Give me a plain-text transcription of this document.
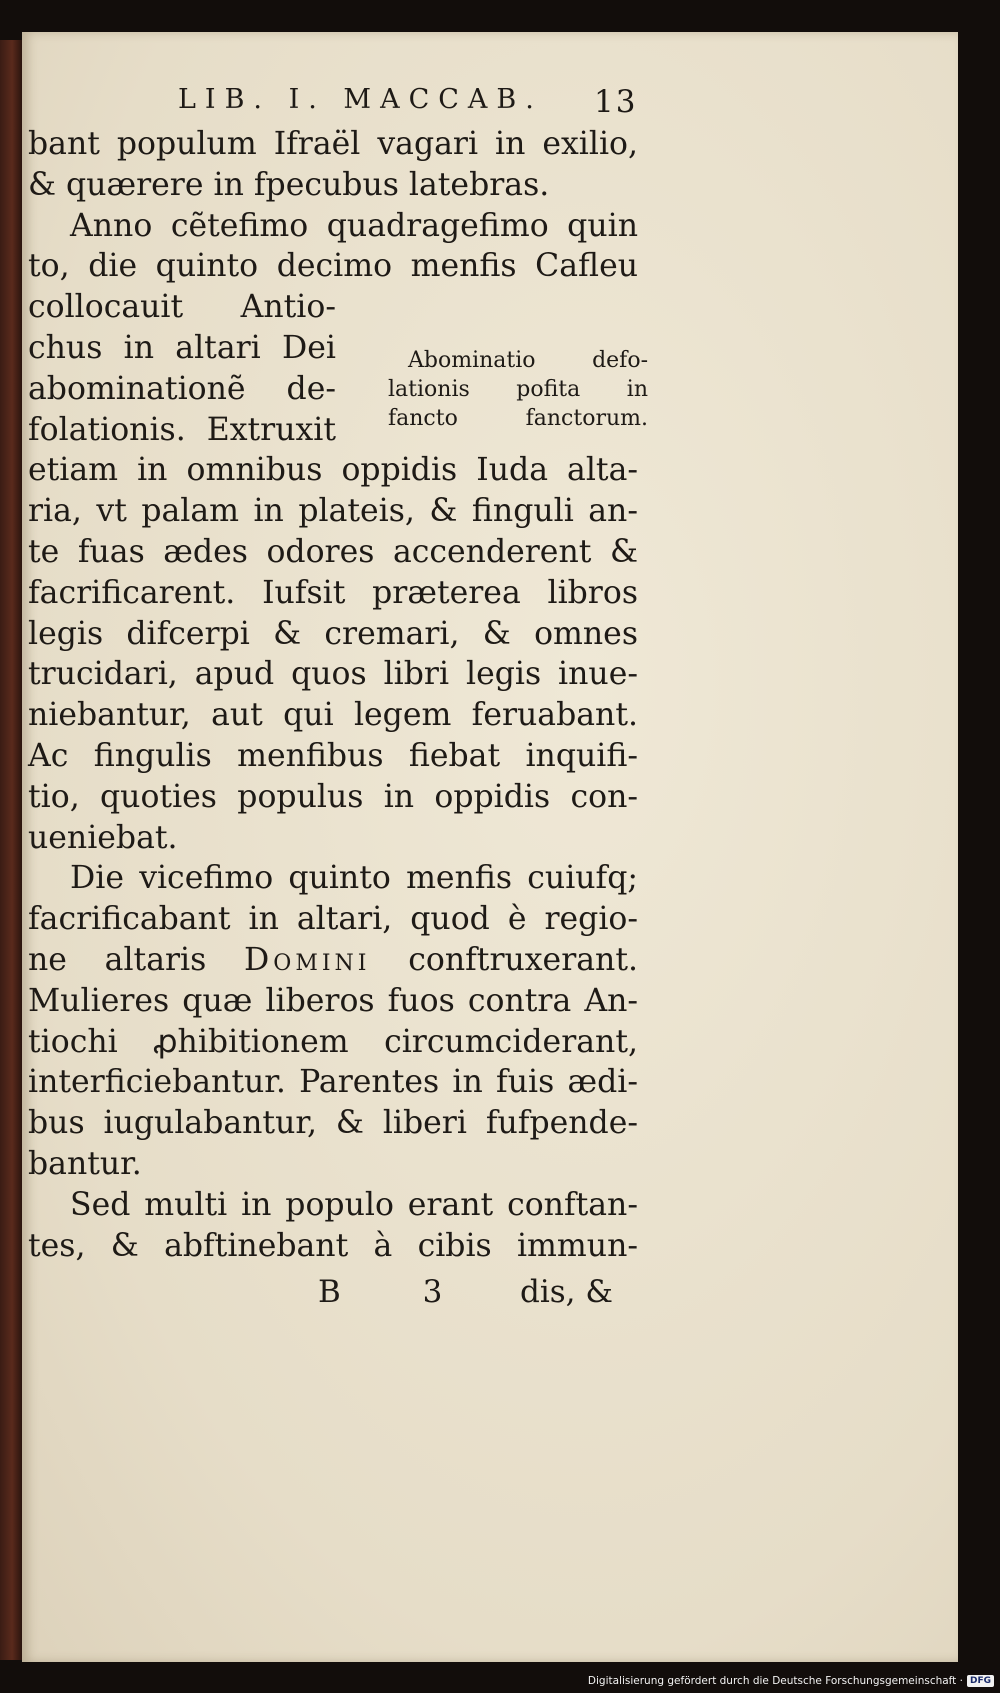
LIB. I. MACCAB. 13
bant populum Ifraël vagari in exilio,
& quærere in fpecubus latebras.
Anno cẽtefimo quadragefimo quin
to, die quinto decimo menfis Cafleu
collocauit Antio-
chus in altari Dei
abominationẽ de-
folationis. Extruxit
etiam in omnibus oppidis Iuda alta-
ria, vt palam in plateis, & finguli an-
te fuas ædes odores accenderent &
facrificarent. Iufsit præterea libros
legis difcerpi & cremari, & omnes
trucidari, apud quos libri legis inue-
niebantur, aut qui legem feruabant.
Ac fingulis menfibus fiebat inquifi-
tio, quoties populus in oppidis con-
ueniebat.
Die vicefimo quinto menfis cuiufq;
facrificabant in altari, quod è regio-
ne altaris Domini conftruxerant.
Mulieres quæ liberos fuos contra An-
tiochi ꝓhibitionem circumciderant,
interficiebantur. Parentes in fuis ædi-
bus iugulabantur, & liberi fufpende-
bantur.
Sed multi in populo erant conftan-
tes, & abftinebant à cibis immun-
B 3 dis, &
Abominatio defo-
lationis pofita in
fancto fanctorum.
Digitalisierung gefördert durch die Deutsche Forschungsgemeinschaft · DFG
